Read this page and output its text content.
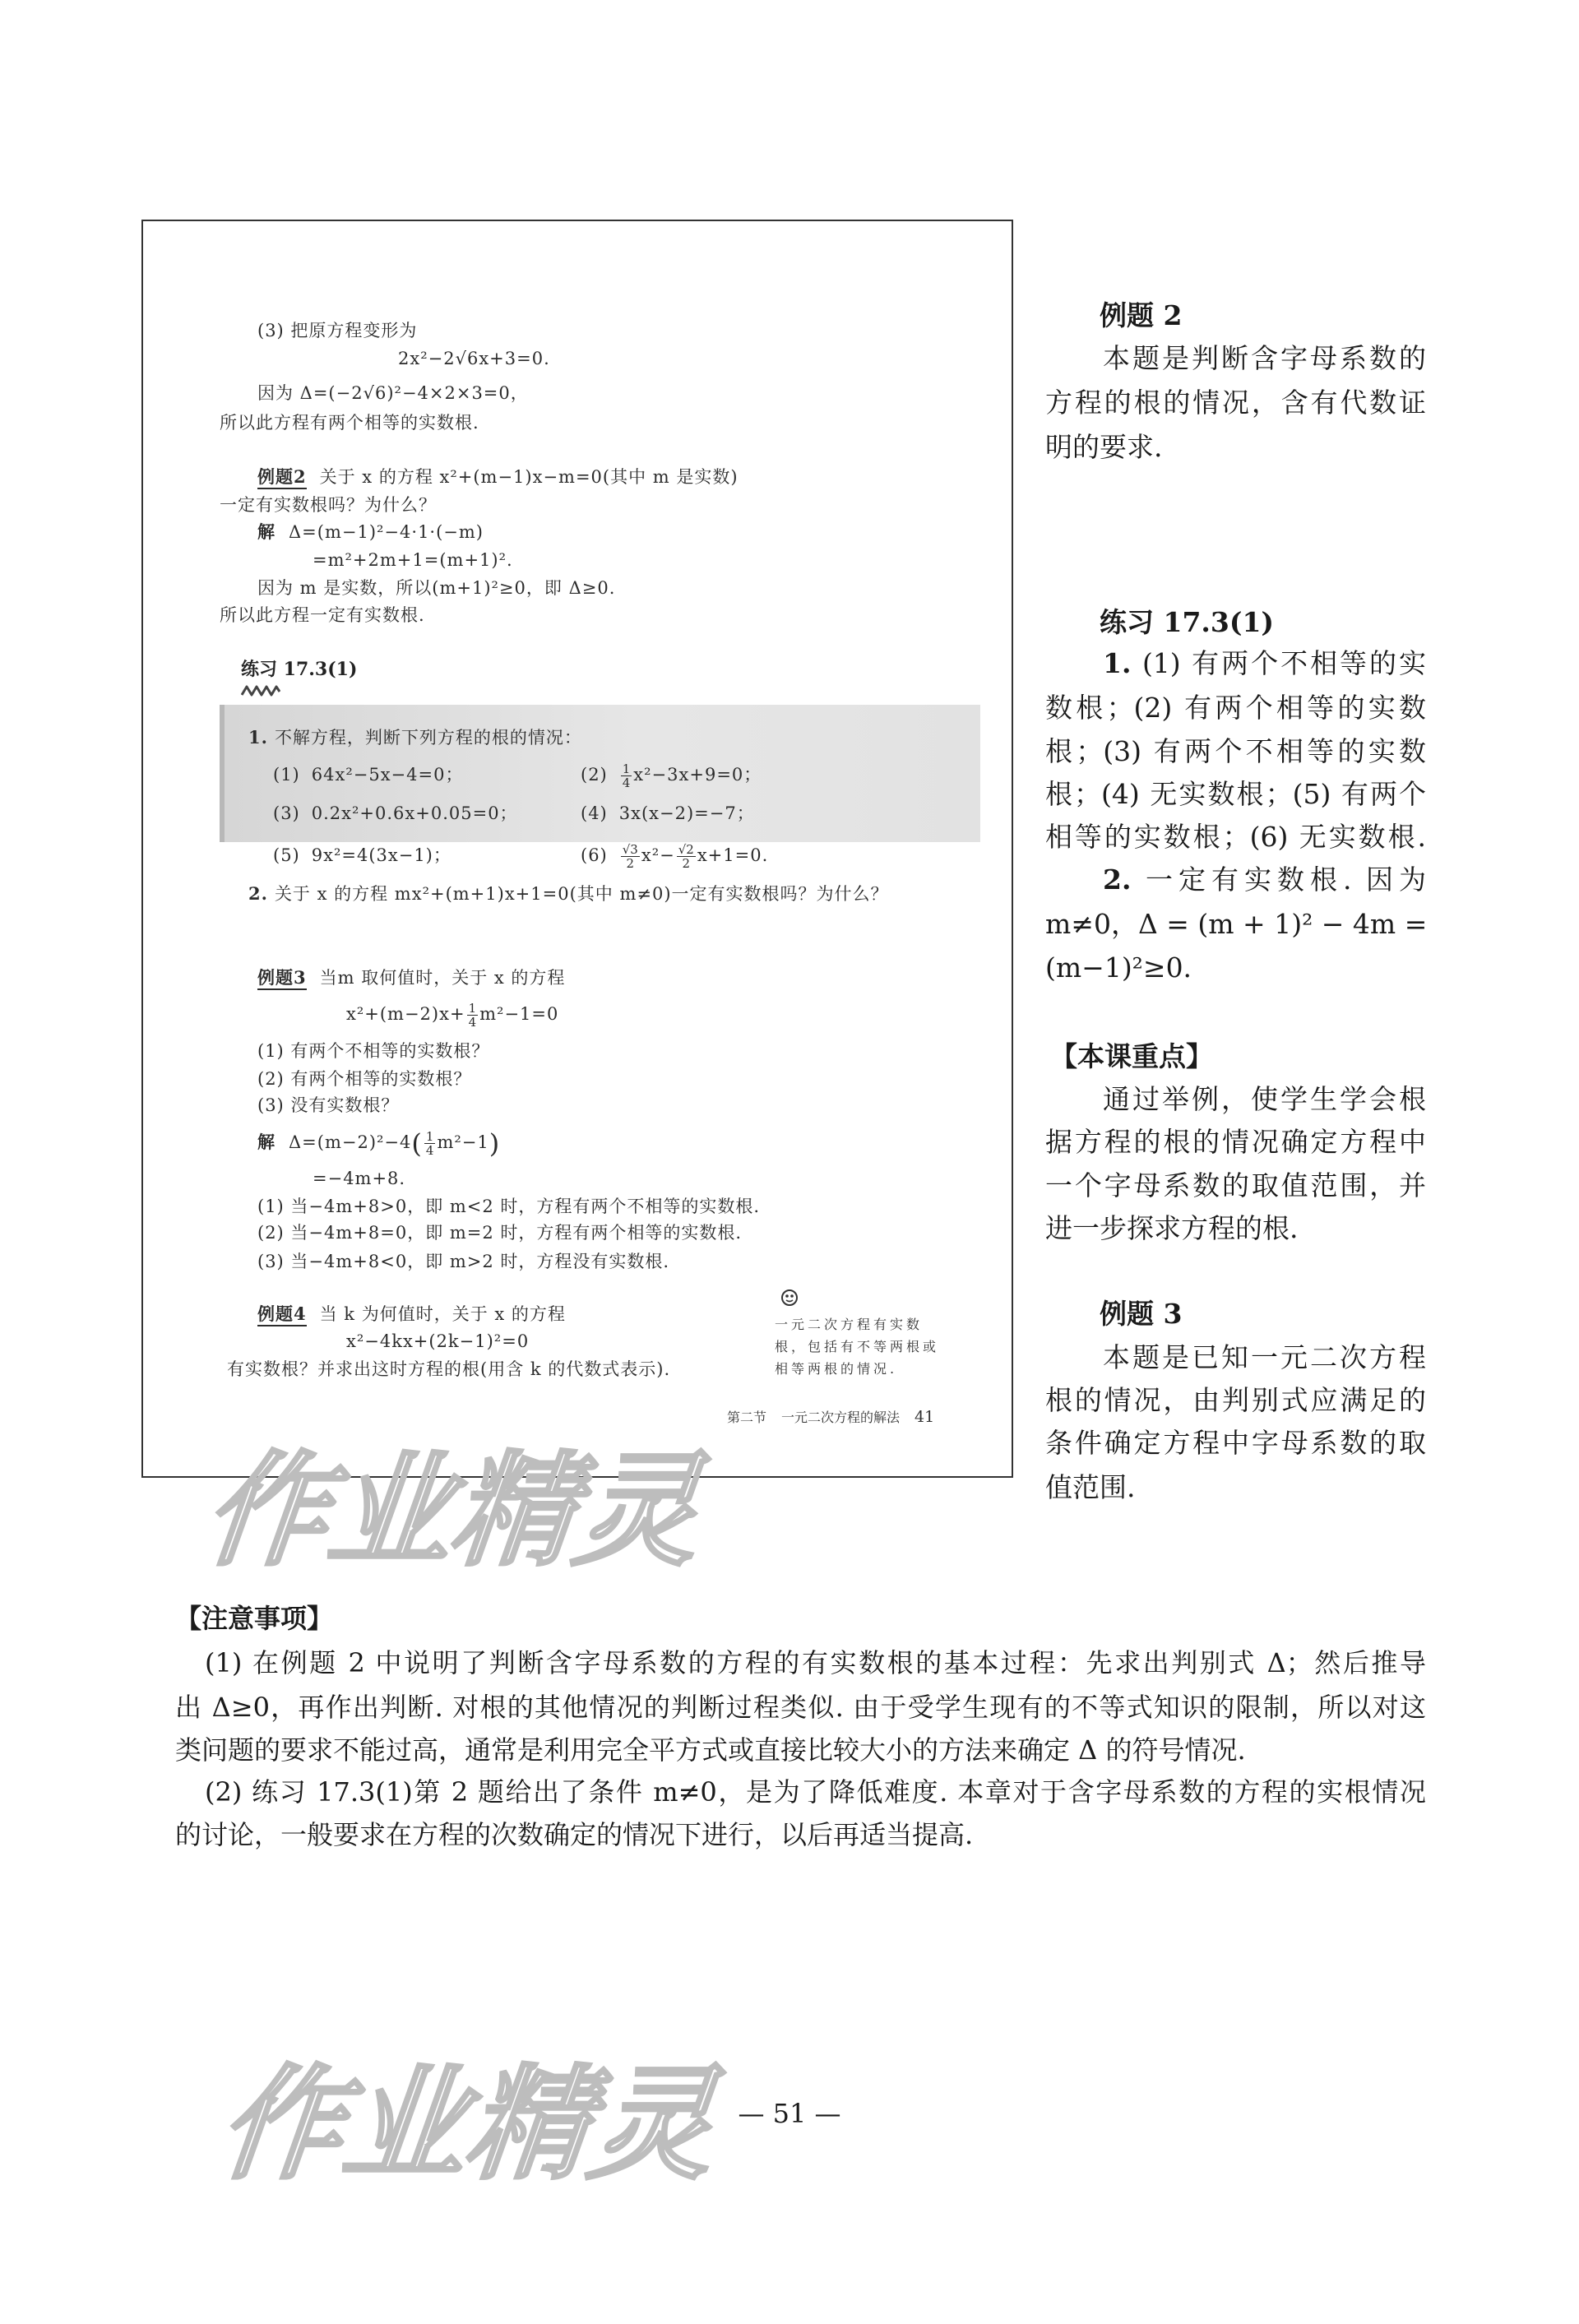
(3) 把原方程变形为
2x²−2√6x+3=0.
因为 Δ=(−2√6)²−4×2×3=0，
所以此方程有两个相等的实数根.
例题2 关于 x 的方程 x²+(m−1)x−m=0(其中 m 是实数)
一定有实数根吗？为什么？
解 Δ=(m−1)²−4·1·(−m)
=m²+2m+1=(m+1)².
因为 m 是实数，所以(m+1)²≥0，即 Δ≥0.
所以此方程一定有实数根.
练习 17.3(1)
1. 不解方程，判断下列方程的根的情况：
(1) 64x²−5x−4=0；	$(2) \frac{1}{4} x^2-3x+9=0$；
(3) 0.2x²+0.6x+0.05=0；	(4) 3x(x−2)=−7；
(5) 9x²=4(3x−1)；	$(6) \frac{√3}{2} x^2- \frac{√2}{2} x+1=0$.
2. 关于 x 的方程 mx²+(m+1)x+1=0(其中 m≠0)一定有实数根吗？为什么？
例题3 当m 取何值时，关于 x 的方程
$x^2+(m-2)x+ \frac{1}{4} m^2-1=0$
(1) 有两个不相等的实数根？
(2) 有两个相等的实数根？
(3) 没有实数根？
解 $\Delta=(m-2)^2-4( \frac{1}{4} m^2-1)$
=−4m+8.
(1) 当−4m+8>0，即 m<2 时，方程有两个不相等的实数根.
(2) 当−4m+8=0，即 m=2 时，方程有两个相等的实数根.
(3) 当−4m+8<0，即 m>2 时，方程没有实数根.
例题4 当 k 为何值时，关于 x 的方程
x²−4kx+(2k−1)²=0
有实数根？并求出这时方程的根(用含 k 的代数式表示).
一元二次方程有实数
根，包括有不等两根或
相等两根的情况.
第二节 一元二次方程的解法 41
例题 2
本题是判断含字母系数的
方程的根的情况，含有代数证
明的要求.
练习 17.3(1)
1. (1) 有两个不相等的实
数根；(2) 有两个相等的实数
根；(3) 有两个不相等的实数
根；(4) 无实数根；(5) 有两个
相等的实数根；(6) 无实数根.
2. 一定有实数根. 因为
m≠0，Δ = (m + 1)² − 4m =
(m−1)²≥0.
【本课重点】
通过举例，使学生学会根
据方程的根的情况确定方程中
一个字母系数的取值范围，并
进一步探求方程的根.
例题 3
本题是已知一元二次方程
根的情况，由判别式应满足的
条件确定方程中字母系数的取
值范围.
作业精灵
作业精灵
【注意事项】
(1) 在例题 2 中说明了判断含字母系数的方程的有实数根的基本过程：先求出判别式 Δ；然后推导
出 Δ≥0，再作出判断. 对根的其他情况的判断过程类似. 由于受学生现有的不等式知识的限制，所以对这
类问题的要求不能过高，通常是利用完全平方式或直接比较大小的方法来确定 Δ 的符号情况.
(2) 练习 17.3(1)第 2 题给出了条件 m≠0，是为了降低难度. 本章对于含字母系数的方程的实根情况
的讨论，一般要求在方程的次数确定的情况下进行，以后再适当提高.
— 51 —
